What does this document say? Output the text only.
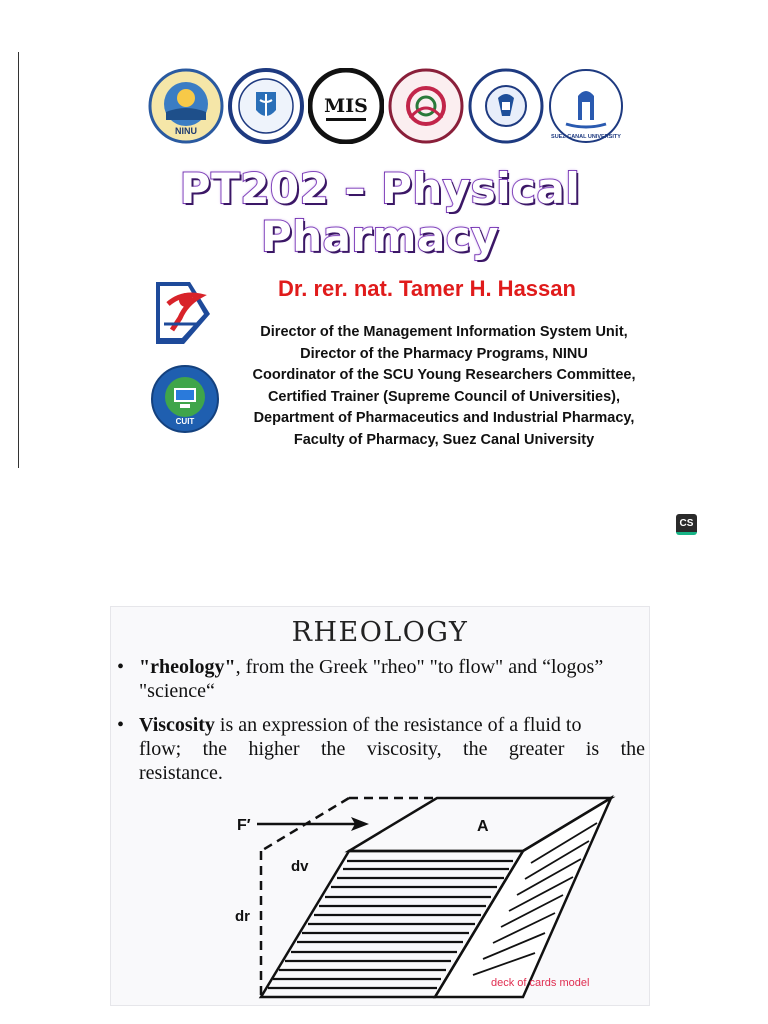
NINU
MIS
SUEZ CANAL UNIVERSITY
PT202 – Physical
Pharmacy
Dr. rer. nat. Tamer H. Hassan
CUIT
Director of the Management Information System Unit,
Director of the Pharmacy Programs, NINU
Coordinator of the SCU Young Researchers Committee,
Certified Trainer (Supreme Council of Universities),
Department of Pharmaceutics and Industrial Pharmacy,
Faculty of Pharmacy, Suez Canal University
CS
RHEOLOGY
• "rheology", from the Greek "rheo" "to flow" and “logos”
"science“
• Viscosity is an expression of the resistance of a fluid to
flow; the higher the viscosity, the greater is the
resistance.
F′	A
dv
dr
deck of cards model
